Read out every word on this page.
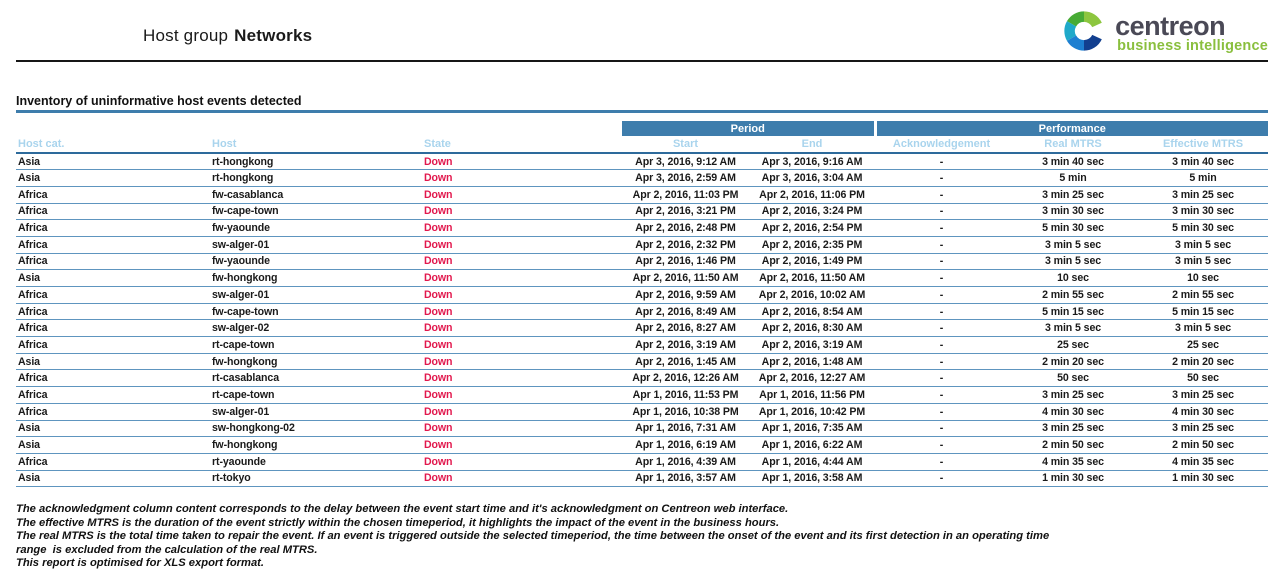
Host group Networks	centreon
business intelligence
Inventory of uninformative host events detected
			Period		Performance		
Host cat.	Host	State	Start	End	Acknowledgement	Real MTRS	Effective MTRS
Asia	rt-hongkong	Down	Apr 3, 2016, 9:12 AM	Apr 3, 2016, 9:16 AM	-	3 min 40 sec	3 min 40 sec
Asia	rt-hongkong	Down	Apr 3, 2016, 2:59 AM	Apr 3, 2016, 3:04 AM	-	5 min	5 min
Africa	fw-casablanca	Down	Apr 2, 2016, 11:03 PM	Apr 2, 2016, 11:06 PM	-	3 min 25 sec	3 min 25 sec
Africa	fw-cape-town	Down	Apr 2, 2016, 3:21 PM	Apr 2, 2016, 3:24 PM	-	3 min 30 sec	3 min 30 sec
Africa	fw-yaounde	Down	Apr 2, 2016, 2:48 PM	Apr 2, 2016, 2:54 PM	-	5 min 30 sec	5 min 30 sec
Africa	sw-alger-01	Down	Apr 2, 2016, 2:32 PM	Apr 2, 2016, 2:35 PM	-	3 min 5 sec	3 min 5 sec
Africa	fw-yaounde	Down	Apr 2, 2016, 1:46 PM	Apr 2, 2016, 1:49 PM	-	3 min 5 sec	3 min 5 sec
Asia	fw-hongkong	Down	Apr 2, 2016, 11:50 AM	Apr 2, 2016, 11:50 AM	-	10 sec	10 sec
Africa	sw-alger-01	Down	Apr 2, 2016, 9:59 AM	Apr 2, 2016, 10:02 AM	-	2 min 55 sec	2 min 55 sec
Africa	fw-cape-town	Down	Apr 2, 2016, 8:49 AM	Apr 2, 2016, 8:54 AM	-	5 min 15 sec	5 min 15 sec
Africa	sw-alger-02	Down	Apr 2, 2016, 8:27 AM	Apr 2, 2016, 8:30 AM	-	3 min 5 sec	3 min 5 sec
Africa	rt-cape-town	Down	Apr 2, 2016, 3:19 AM	Apr 2, 2016, 3:19 AM	-	25 sec	25 sec
Asia	fw-hongkong	Down	Apr 2, 2016, 1:45 AM	Apr 2, 2016, 1:48 AM	-	2 min 20 sec	2 min 20 sec
Africa	rt-casablanca	Down	Apr 2, 2016, 12:26 AM	Apr 2, 2016, 12:27 AM	-	50 sec	50 sec
Africa	rt-cape-town	Down	Apr 1, 2016, 11:53 PM	Apr 1, 2016, 11:56 PM	-	3 min 25 sec	3 min 25 sec
Africa	sw-alger-01	Down	Apr 1, 2016, 10:38 PM	Apr 1, 2016, 10:42 PM	-	4 min 30 sec	4 min 30 sec
Asia	sw-hongkong-02	Down	Apr 1, 2016, 7:31 AM	Apr 1, 2016, 7:35 AM	-	3 min 25 sec	3 min 25 sec
Asia	fw-hongkong	Down	Apr 1, 2016, 6:19 AM	Apr 1, 2016, 6:22 AM	-	2 min 50 sec	2 min 50 sec
Africa	rt-yaounde	Down	Apr 1, 2016, 4:39 AM	Apr 1, 2016, 4:44 AM	-	4 min 35 sec	4 min 35 sec
Asia	rt-tokyo	Down	Apr 1, 2016, 3:57 AM	Apr 1, 2016, 3:58 AM	-	1 min 30 sec	1 min 30 sec
The acknowledgment column content corresponds to the delay between the event start time and it's acknowledgment on Centreon web interface.
The effective MTRS is the duration of the event strictly within the chosen timeperiod, it highlights the impact of the event in the business hours.
The real MTRS is the total time taken to repair the event. If an event is triggered outside the selected timeperiod, the time between the onset of the event and its first detection in an operating time
range  is excluded from the calculation of the real MTRS.
This report is optimised for XLS export format.
